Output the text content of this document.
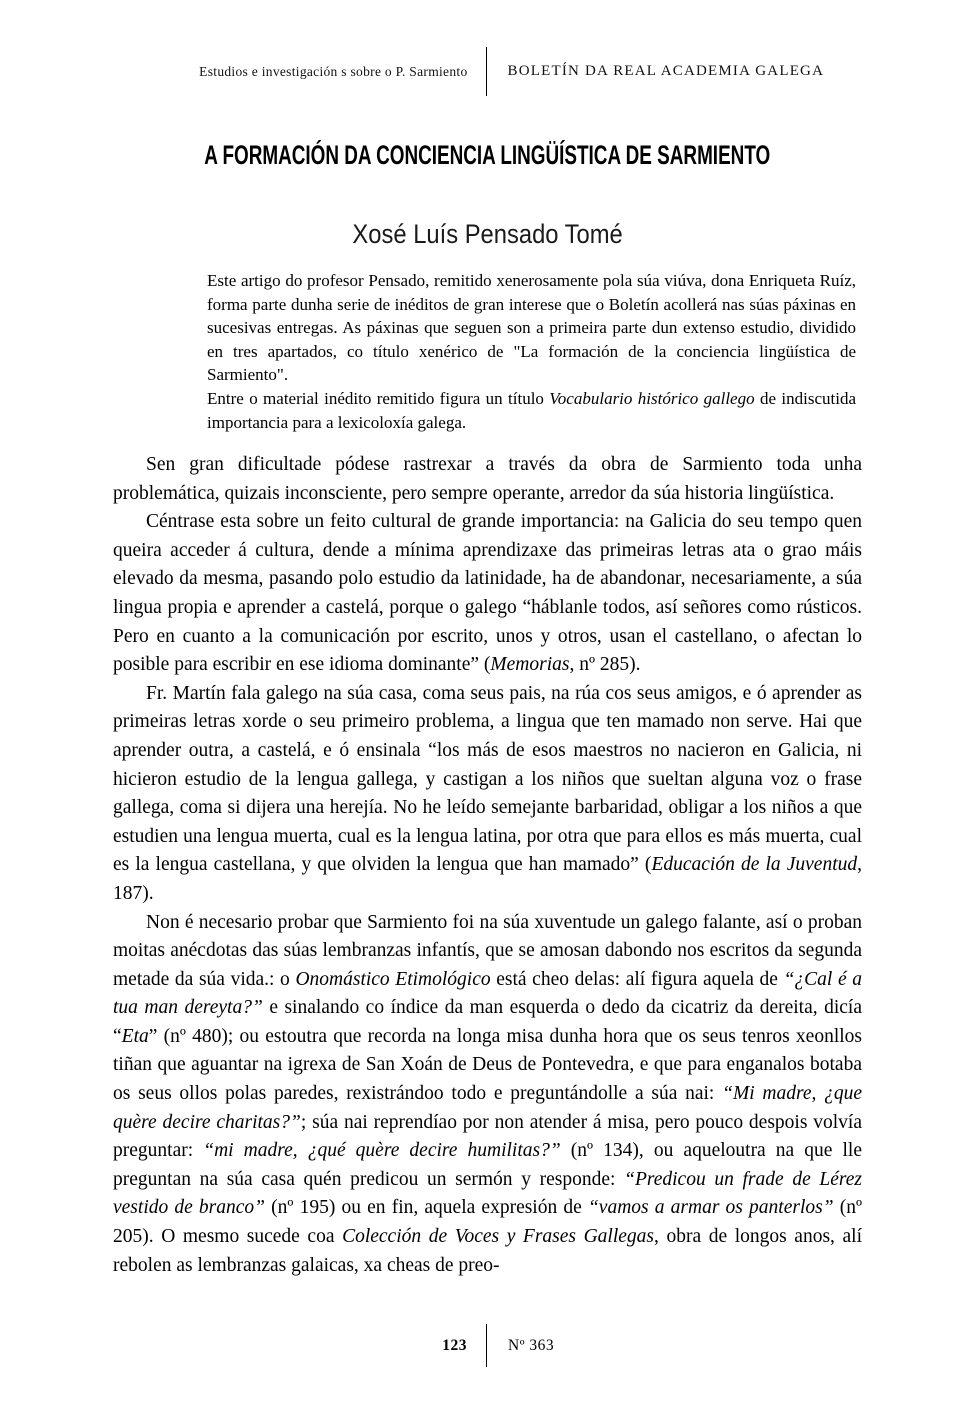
Estudios e investigación s sobre o P. Sarmiento	BOLETÍN DA REAL ACADEMIA GALEGA
A FORMACIÓN DA CONCIENCIA LINGÜÍSTICA DE SARMIENTO
Xosé Luís Pensado Tomé

Este artigo do profesor Pensado, remitido xenerosamente pola súa viúva, dona Enriqueta Ruíz, forma parte dunha serie de inéditos de gran interese que o Boletín acollerá nas súas páxinas en sucesivas entregas. As páxinas que seguen son a primeira parte dun extenso estudio, dividido en tres apartados, co título xenérico de "La formación de la conciencia lingüística de Sarmiento".

Entre o material inédito remitido figura un título Vocabulario histórico gallego de indiscutida importancia para a lexicoloxía galega.

Sen gran dificultade pódese rastrexar a través da obra de Sarmiento toda unha problemática, quizais inconsciente, pero sempre operante, arredor da súa historia lingüística.

Céntrase esta sobre un feito cultural de grande importancia: na Galicia do seu tempo quen queira acceder á cultura, dende a mínima aprendizaxe das primeiras letras ata o grao máis elevado da mesma, pasando polo estudio da latinidade, ha de abandonar, necesariamente, a súa lingua propia e aprender a castelá, porque o galego “háblanle todos, así señores como rústicos. Pero en cuanto a la comunicación por escrito, unos y otros, usan el castellano, o afectan lo posible para escribir en ese idioma dominante” (Memorias, nº 285).

Fr. Martín fala galego na súa casa, coma seus pais, na rúa cos seus amigos, e ó aprender as primeiras letras xorde o seu primeiro problema, a lingua que ten mamado non serve. Hai que aprender outra, a castelá, e ó ensinala “los más de esos maestros no nacieron en Galicia, ni hicieron estudio de la lengua gallega, y castigan a los niños que sueltan alguna voz o frase gallega, coma si dijera una herejía. No he leído semejante barbaridad, obligar a los niños a que estudien una lengua muerta, cual es la lengua latina, por otra que para ellos es más muerta, cual es la lengua castellana, y que olviden la lengua que han mamado” (Educación de la Juventud, 187).

Non é necesario probar que Sarmiento foi na súa xuventude un galego falante, así o proban moitas anécdotas das súas lembranzas infantís, que se amosan dabondo nos escritos da segunda metade da súa vida.: o Onomástico Etimológico está cheo delas: alí figura aquela de “¿Cal é a tua man dereyta?” e sinalando co índice da man esquerda o dedo da cicatriz da dereita, dicía “Eta” (nº 480); ou estoutra que recorda na longa misa dunha hora que os seus tenros xeonllos tiñan que aguantar na igrexa de San Xoán de Deus de Pontevedra, e que para enganalos botaba os seus ollos polas paredes, rexistrándoo todo e preguntándolle a súa nai: “Mi madre, ¿que quère decire charitas?”; súa nai reprendíao por non atender á misa, pero pouco despois volvía preguntar: “mi madre, ¿qué quère decire humilitas?” (nº 134), ou aqueloutra na que lle preguntan na súa casa quén predicou un sermón y responde: “Predicou un frade de Lérez vestido de branco” (nº 195) ou en fin, aquela expresión de “vamos a armar os panterlos” (nº 205). O mesmo sucede coa Colección de Voces y Frases Gallegas, obra de longos anos, alí rebolen as lembranzas galaicas, xa cheas de preo-

123	Nº 363
